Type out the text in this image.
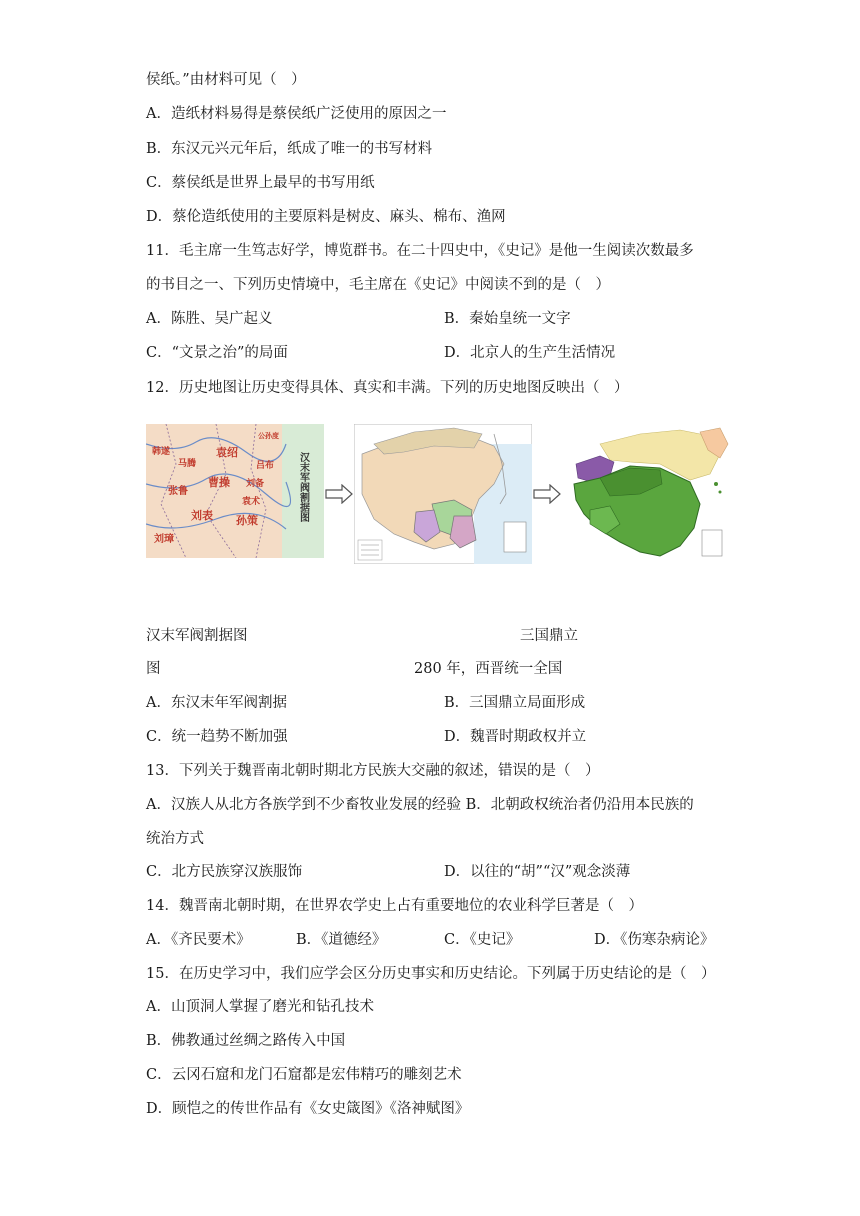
侯纸。”由材料可见（　）
A．造纸材料易得是蔡侯纸广泛使用的原因之一
B．东汉元兴元年后，纸成了唯一的书写材料
C．蔡侯纸是世界上最早的书写用纸
D．蔡伦造纸使用的主要原料是树皮、麻头、棉布、渔网
11．毛主席一生笃志好学，博览群书。在二十四史中，《史记》是他一生阅读次数最多
的书目之一、下列历史情境中，毛主席在《史记》中阅读不到的是（　）
A．陈胜、吴广起义	B．秦始皇统一文字
C．“文景之治”的局面	D．北京人的生产生活情况
12．历史地图让历史变得具体、真实和丰满。下列的历史地图反映出（　）
公孙度
袁绍
曹操 刘备
孙策
刘表
张鲁
刘璋
韩遂
马腾
袁术
吕布 汉末军阀割据图
汉末军阀割据图	三国鼎立
图	280 年，西晋统一全国
A．东汉末年军阀割据	B．三国鼎立局面形成
C．统一趋势不断加强	D．魏晋时期政权并立
13．下列关于魏晋南北朝时期北方民族大交融的叙述，错误的是（　）
A．汉族人从北方各族学到不少畜牧业发展的经验 B．北朝政权统治者仍沿用本民族的
统治方式
C．北方民族穿汉族服饰	D．以往的“胡”“汉”观念淡薄
14．魏晋南北朝时期，在世界农学史上占有重要地位的农业科学巨著是（　）
A．《齐民要术》	B．《道德经》	C．《史记》	D．《伤寒杂病论》
15．在历史学习中，我们应学会区分历史事实和历史结论。下列属于历史结论的是（　）
A．山顶洞人掌握了磨光和钻孔技术
B．佛教通过丝绸之路传入中国
C．云冈石窟和龙门石窟都是宏伟精巧的雕刻艺术
D．顾恺之的传世作品有《女史箴图》《洛神赋图》
